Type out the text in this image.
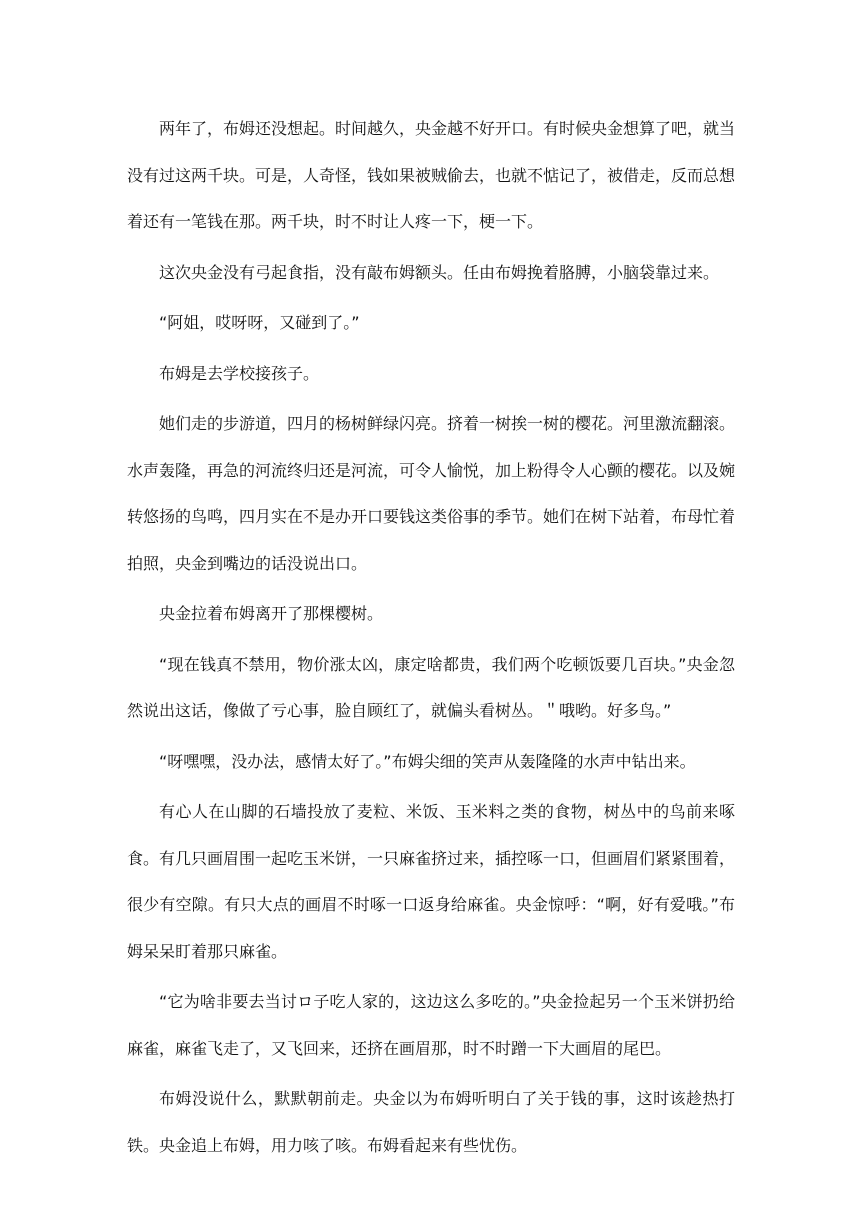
两年了，布姆还没想起。时间越久，央金越不好开口。有时候央金想算了吧，就当没有过这两千块。可是，人奇怪，钱如果被贼偷去，也就不惦记了，被借走，反而总想着还有一笔钱在那。两千块，时不时让人疼一下，梗一下。

这次央金没有弓起食指，没有敲布姆额头。任由布姆挽着胳膊，小脑袋靠过来。

“阿姐，哎呀呀，又碰到了。”

布姆是去学校接孩子。

她们走的步游道，四月的杨树鲜绿闪亮。挤着一树挨一树的樱花。河里激流翻滚。水声轰隆，再急的河流终归还是河流，可令人愉悦，加上粉得令人心颤的樱花。以及婉转悠扬的鸟鸣，四月实在不是办开口要钱这类俗事的季节。她们在树下站着，布母忙着拍照，央金到嘴边的话没说出口。

央金拉着布姆离开了那棵樱树。

“现在钱真不禁用，物价涨太凶，康定啥都贵，我们两个吃顿饭要几百块。”央金忽然说出这话，像做了亏心事，脸自顾红了，就偏头看树丛。＂哦哟。好多鸟。”

“呀嘿嘿，没办法，感情太好了。”布姆尖细的笑声从轰隆隆的水声中钻出来。

有心人在山脚的石墙投放了麦粒、米饭、玉米料之类的食物，树丛中的鸟前来啄食。有几只画眉围一起吃玉米饼，一只麻雀挤过来，插控啄一口，但画眉们紧紧围着，很少有空隙。有只大点的画眉不时啄一口返身给麻雀。央金惊呼：“啊，好有爱哦。”布姆呆呆盯着那只麻雀。

“它为啥非要去当讨ロ子吃人家的，这边这么多吃的。”央金捡起另一个玉米饼扔给麻雀，麻雀飞走了，又飞回来，还挤在画眉那，时不时蹭一下大画眉的尾巴。

布姆没说什么，默默朝前走。央金以为布姆听明白了关于钱的事，这时该趁热打铁。央金追上布姆，用力咳了咳。布姆看起来有些忧伤。
